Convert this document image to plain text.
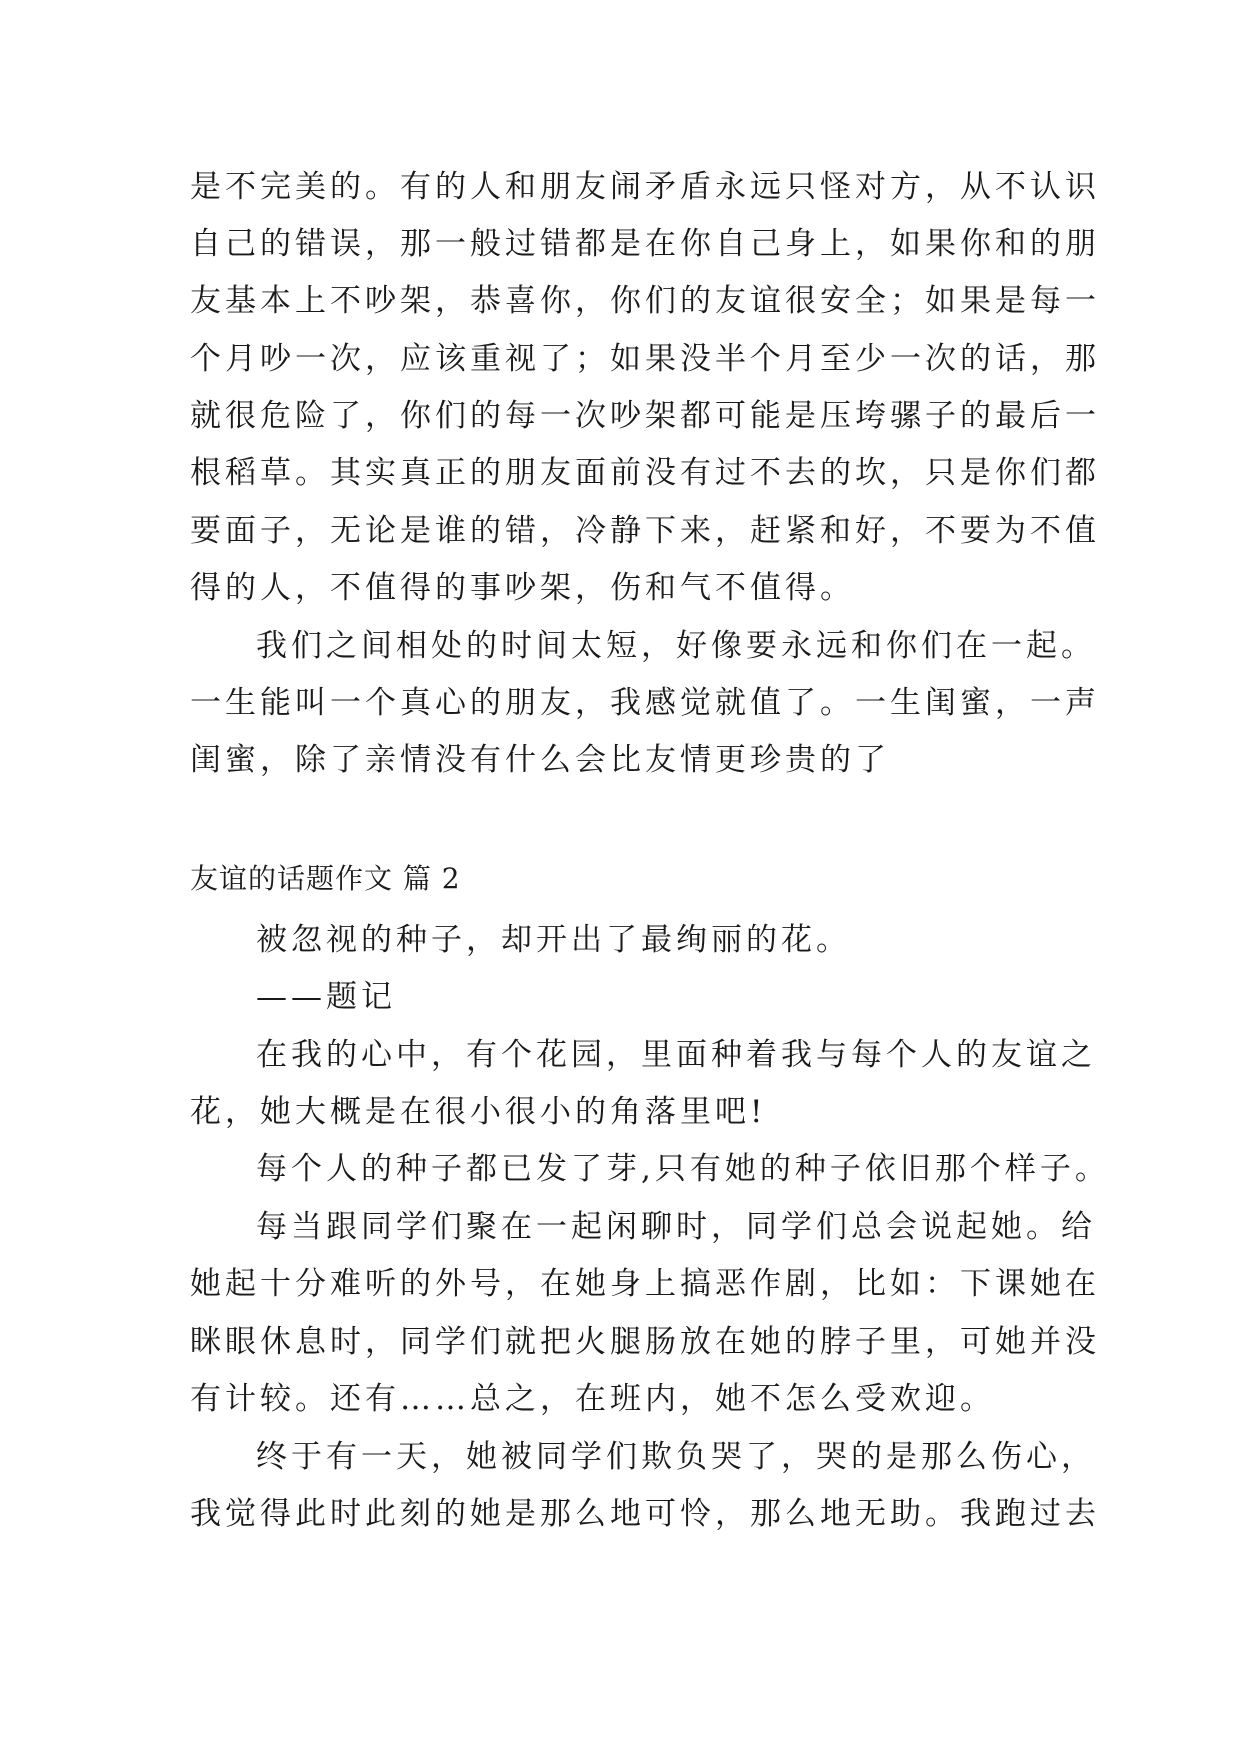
是不完美的。有的人和朋友闹矛盾永远只怪对方，从不认识
自己的错误，那一般过错都是在你自己身上，如果你和的朋
友基本上不吵架，恭喜你，你们的友谊很安全；如果是每一
个月吵一次，应该重视了；如果没半个月至少一次的话，那
就很危险了，你们的每一次吵架都可能是压垮骡子的最后一
根稻草。其实真正的朋友面前没有过不去的坎，只是你们都
要面子，无论是谁的错，冷静下来，赶紧和好，不要为不值
得的人，不值得的事吵架，伤和气不值得。
我们之间相处的时间太短，好像要永远和你们在一起。
一生能叫一个真心的朋友，我感觉就值了。一生闺蜜，一声
闺蜜，除了亲情没有什么会比友情更珍贵的了
友谊的话题作文 篇 2
被忽视的种子，却开出了最绚丽的花。
——题记
在我的心中，有个花园，里面种着我与每个人的友谊之
花，她大概是在很小很小的角落里吧!
每个人的种子都已发了芽,只有她的种子依旧那个样子。
每当跟同学们聚在一起闲聊时，同学们总会说起她。给
她起十分难听的外号，在她身上搞恶作剧，比如：下课她在
眯眼休息时，同学们就把火腿肠放在她的脖子里，可她并没
有计较。还有……总之，在班内，她不怎么受欢迎。
终于有一天，她被同学们欺负哭了，哭的是那么伤心，
我觉得此时此刻的她是那么地可怜，那么地无助。我跑过去
